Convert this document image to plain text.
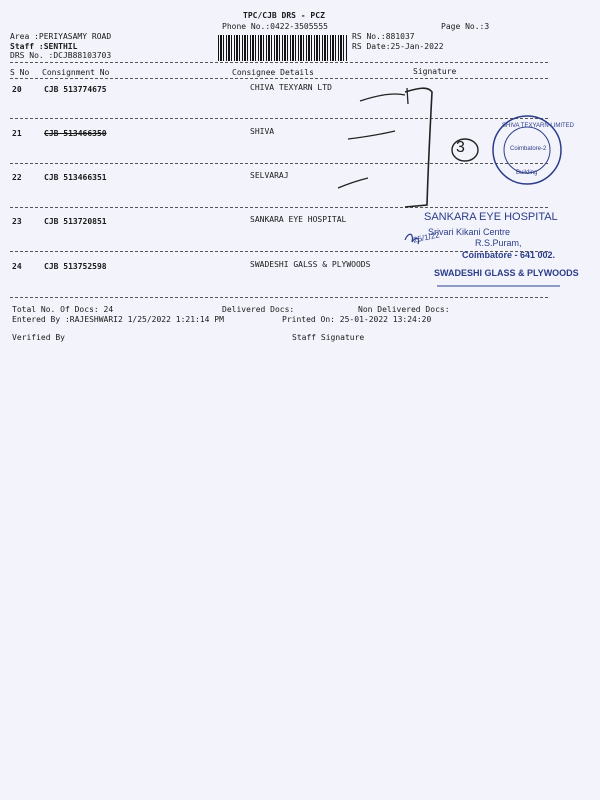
TPC/CJB DRS - PCZ
Phone No.:0422-3505555	Page No.:3
Area :PERIYASAMY ROAD
Staff :SENTHIL
DRS No. :DCJB88103703
RS No.:881037
RS Date:25-Jan-2022
S No Consignment No	Consignee Details	Signature
20	CJB 513774675	CHIVA TEXYARN LTD
21	CJB 513466350	SHIVA
22	CJB 513466351	SELVARAJ
23	CJB 513720851	SANKARA EYE HOSPITAL
24	CJB 513752598	SWADESHI GALSS & PLYWOODS
Total No. Of Docs: 24	Delivered Docs:	Non Delivered Docs:
Entered By :RAJESHWARI2 1/25/2022 1:21:14 PM	Printed On: 25-01-2022 13:24:20
Verified By	Staff Signature
3
SHIVA TEXYARN LIMITED
Coimbatore-2
Building
SANKARA EYE HOSPITAL
Srivari Kikani Centre
R.S.Puram,
Coimbatore - 641 002.
25/1/22
SWADESHI GLASS & PLYWOODS
